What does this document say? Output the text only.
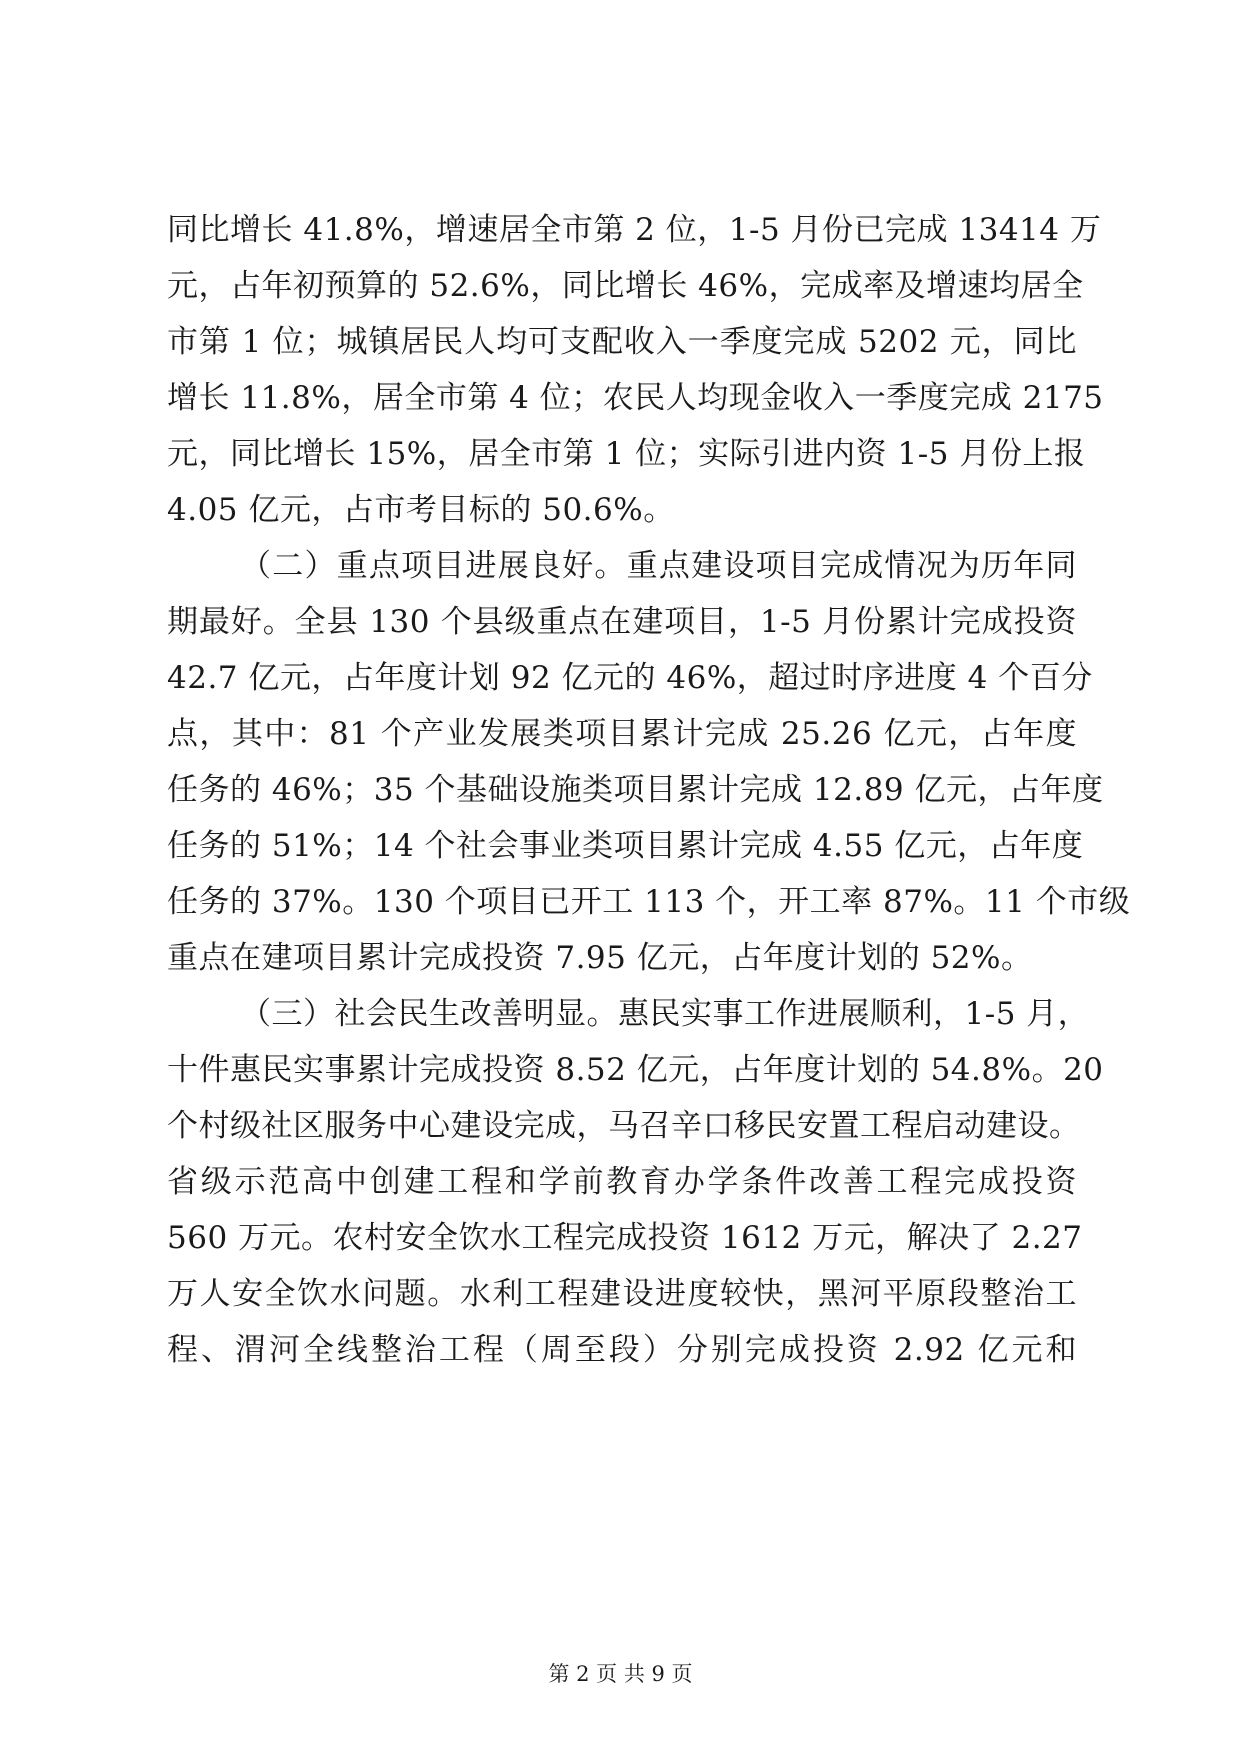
同比增长 41.8%，增速居全市第 2 位，1-5 月份已完成 13414 万
元，占年初预算的 52.6%，同比增长 46%，完成率及增速均居全
市第 1 位；城镇居民人均可支配收入一季度完成 5202 元，同比
增长 11.8%，居全市第 4 位；农民人均现金收入一季度完成 2175
元，同比增长 15%，居全市第 1 位；实际引进内资 1-5 月份上报
4.05 亿元，占市考目标的 50.6%。
（二）重点项目进展良好。重点建设项目完成情况为历年同
期最好。全县 130 个县级重点在建项目，1-5 月份累计完成投资
42.7 亿元，占年度计划 92 亿元的 46%，超过时序进度 4 个百分
点，其中：81 个产业发展类项目累计完成 25.26 亿元，占年度
任务的 46%；35 个基础设施类项目累计完成 12.89 亿元，占年度
任务的 51%；14 个社会事业类项目累计完成 4.55 亿元，占年度
任务的 37%。130 个项目已开工 113 个，开工率 87%。11 个市级
重点在建项目累计完成投资 7.95 亿元，占年度计划的 52%。
（三）社会民生改善明显。惠民实事工作进展顺利，1-5 月，
十件惠民实事累计完成投资 8.52 亿元，占年度计划的 54.8%。20
个村级社区服务中心建设完成，马召辛口移民安置工程启动建设。
省级示范高中创建工程和学前教育办学条件改善工程完成投资
560 万元。农村安全饮水工程完成投资 1612 万元，解决了 2.27
万人安全饮水问题。水利工程建设进度较快，黑河平原段整治工
程、渭河全线整治工程（周至段）分别完成投资 2.92 亿元和
第 2 页 共 9 页
